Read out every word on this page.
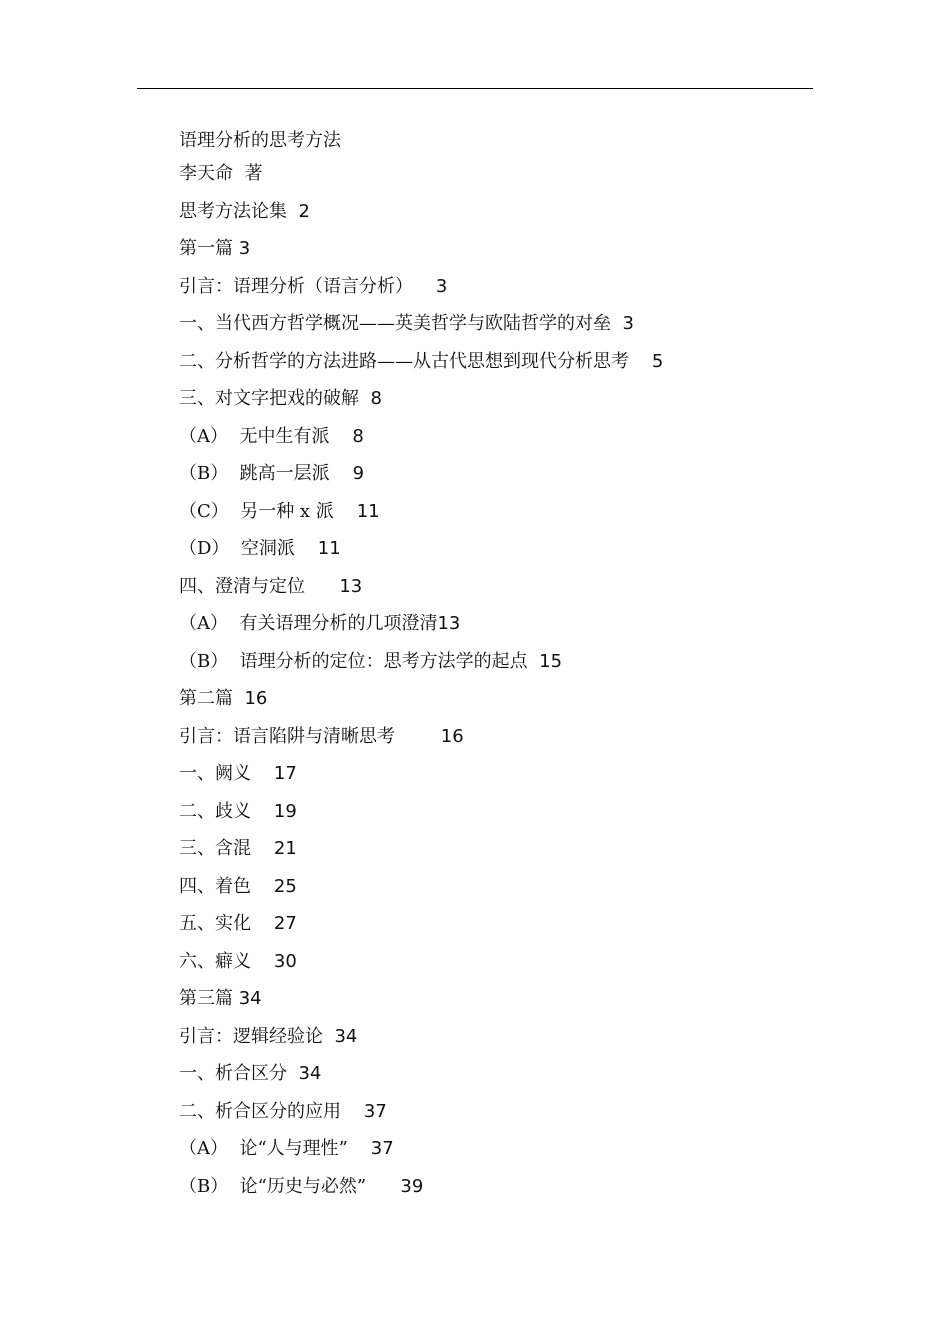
语理分析的思考方法
李天命  著
思考方法论集 2
第一篇 3
引言：语理分析（语言分析） 3
一、当代西方哲学概况——英美哲学与欧陆哲学的对垒 3
二、分析哲学的方法进路——从古代思想到现代分析思考 5
三、对文字把戏的破解 8
（A）  无中生有派 8
（B）  跳高一层派 9
（C）  另一种 x 派 11
（D）  空洞派 11
四、澄清与定位 13
（A）  有关语理分析的几项澄清13
（B）  语理分析的定位：思考方法学的起点 15
第二篇 16
引言：语言陷阱与清晰思考	16
一、阙义 17
二、歧义 19
三、含混 21
四、着色 25
五、实化 27
六、癖义 30
第三篇 34
引言：逻辑经验论 34
一、析合区分 34
二、析合区分的应用 37
（A）  论“人与理性” 37
（B）  论“历史与必然” 39
